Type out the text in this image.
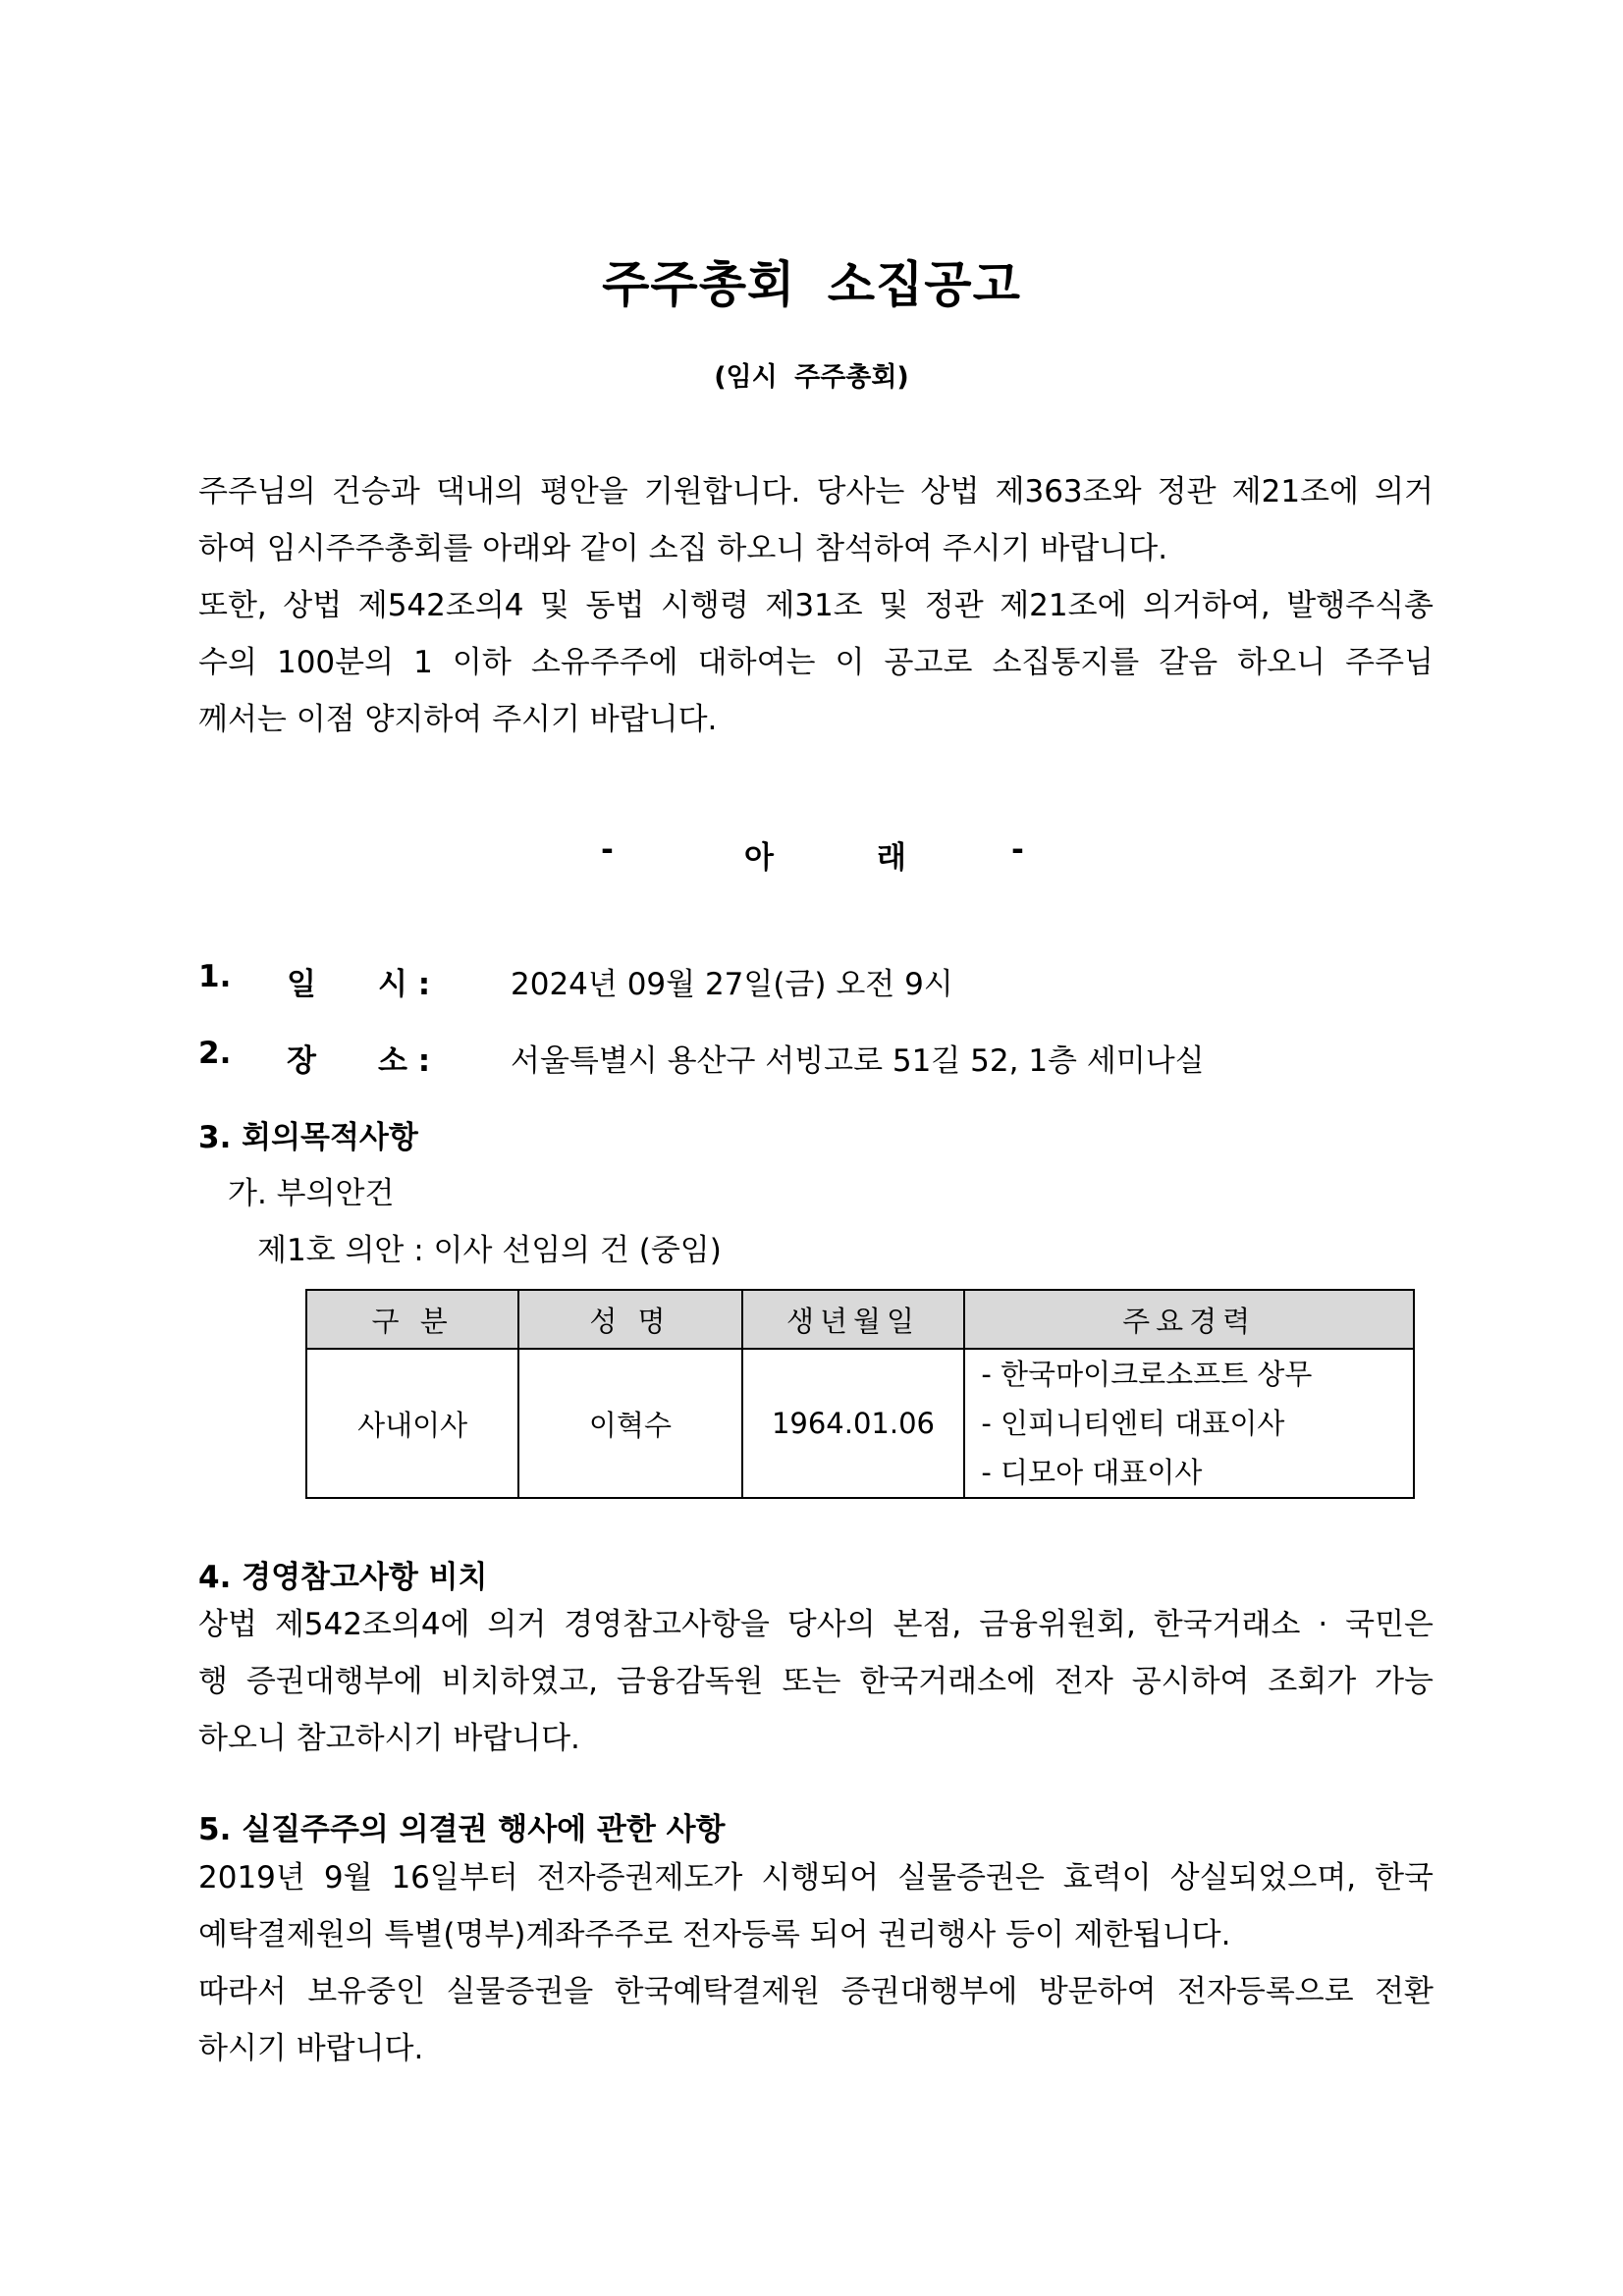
주주총회 소집공고
(임시 주주총회)
주주님의 건승과 댁내의 평안을 기원합니다. 당사는 상법 제363조와 정관 제21조에 의거
하여 임시주주총회를 아래와 같이 소집 하오니 참석하여 주시기 바랍니다.
또한, 상법 제542조의4 및 동법 시행령 제31조 및 정관 제21조에 의거하여, 발행주식총
수의 100분의 1 이하 소유주주에 대하여는 이 공고로 소집통지를 갈음 하오니 주주님
께서는 이점 양지하여 주시기 바랍니다.
-	아	래	-
1. 일 시 :	2024년 09월 27일(금) 오전 9시
2. 장 소 :	서울특별시 용산구 서빙고로 51길 52, 1층 세미나실
3. 회의목적사항
가. 부의안건
제1호 의안 : 이사 선임의 건 (중임)
구 분	성 명	생년월일	주요경력
사내이사	이혁수	1964.01.06	- 한국마이크로소프트 상무
- 인피니티엔티 대표이사
- 디모아 대표이사
4. 경영참고사항 비치
상법 제542조의4에 의거 경영참고사항을 당사의 본점, 금융위원회, 한국거래소 · 국민은
행 증권대행부에 비치하였고, 금융감독원 또는 한국거래소에 전자 공시하여 조회가 가능
하오니 참고하시기 바랍니다.
5. 실질주주의 의결권 행사에 관한 사항
2019년 9월 16일부터 전자증권제도가 시행되어 실물증권은 효력이 상실되었으며, 한국
예탁결제원의 특별(명부)계좌주주로 전자등록 되어 권리행사 등이 제한됩니다.
따라서 보유중인 실물증권을 한국예탁결제원 증권대행부에 방문하여 전자등록으로 전환
하시기 바랍니다.
